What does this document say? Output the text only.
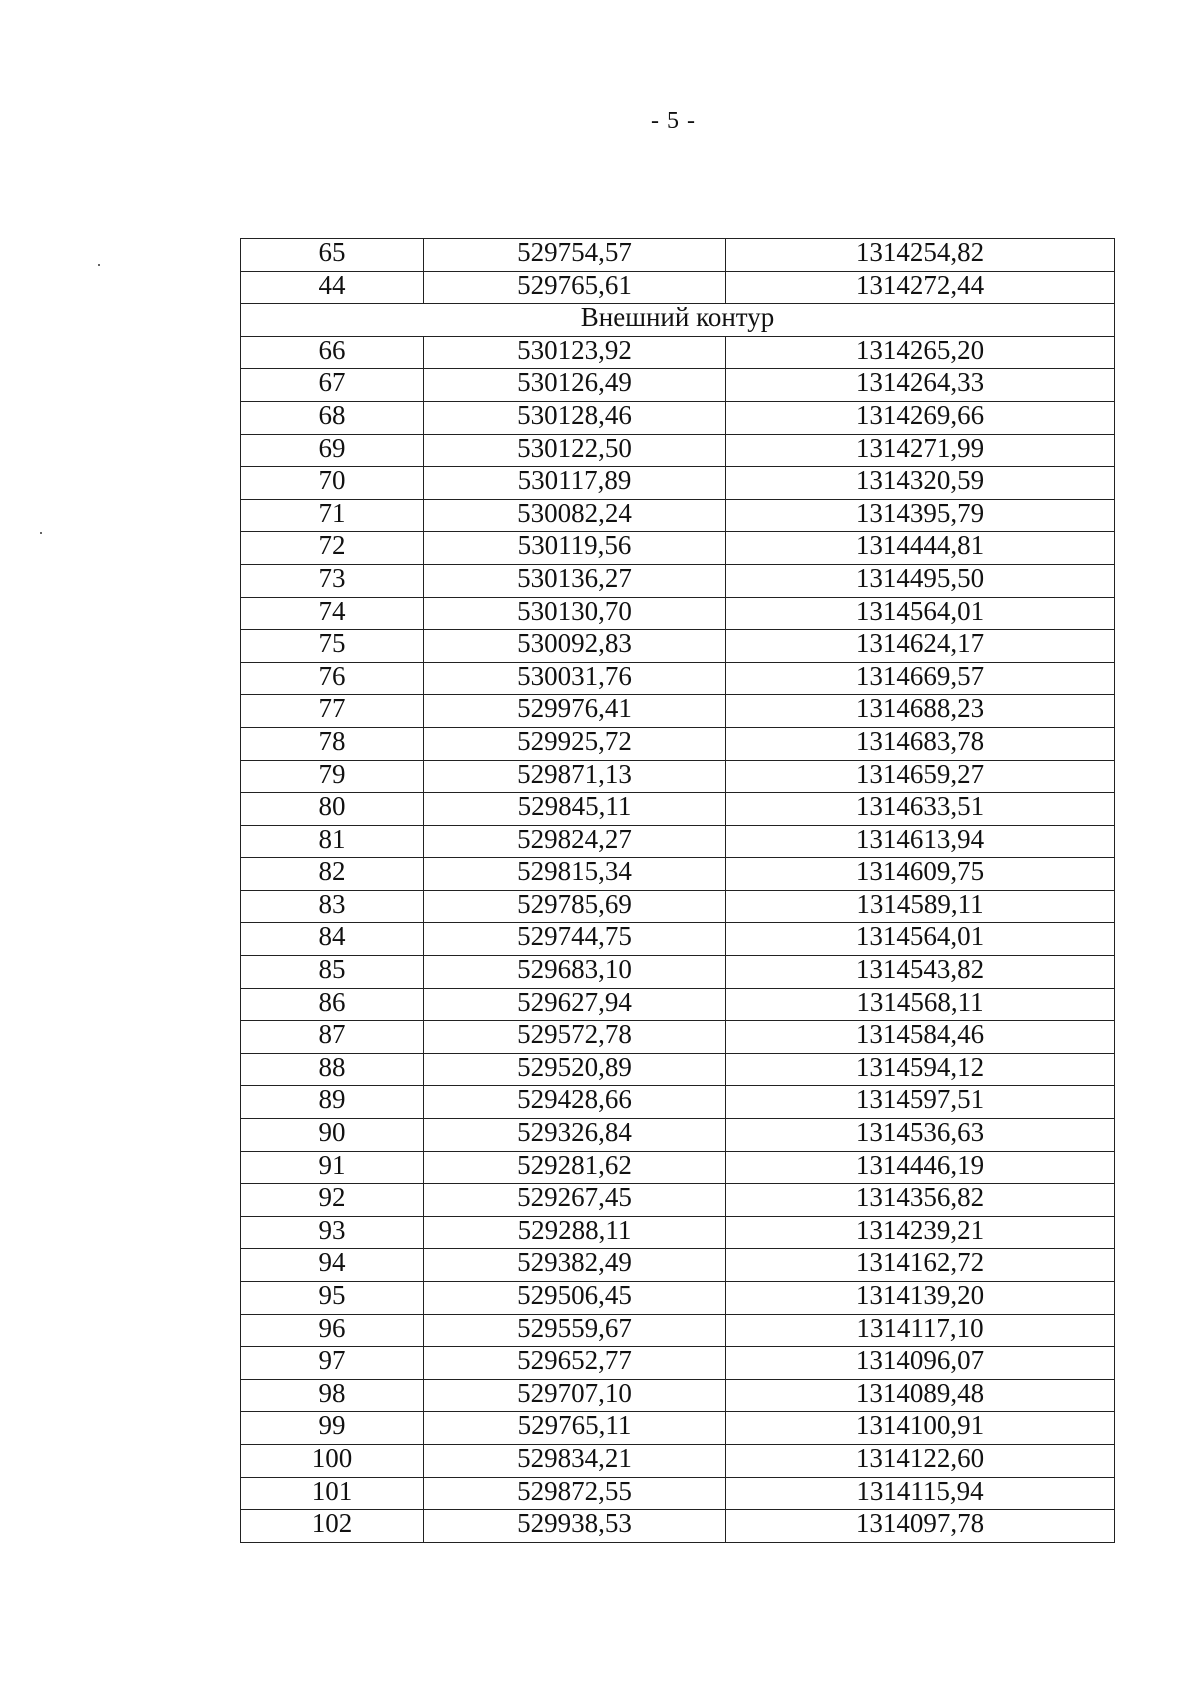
- 5 -
65	529754,57	1314254,82
44	529765,61	1314272,44
Внешний контур		
66	530123,92	1314265,20
67	530126,49	1314264,33
68	530128,46	1314269,66
69	530122,50	1314271,99
70	530117,89	1314320,59
71	530082,24	1314395,79
72	530119,56	1314444,81
73	530136,27	1314495,50
74	530130,70	1314564,01
75	530092,83	1314624,17
76	530031,76	1314669,57
77	529976,41	1314688,23
78	529925,72	1314683,78
79	529871,13	1314659,27
80	529845,11	1314633,51
81	529824,27	1314613,94
82	529815,34	1314609,75
83	529785,69	1314589,11
84	529744,75	1314564,01
85	529683,10	1314543,82
86	529627,94	1314568,11
87	529572,78	1314584,46
88	529520,89	1314594,12
89	529428,66	1314597,51
90	529326,84	1314536,63
91	529281,62	1314446,19
92	529267,45	1314356,82
93	529288,11	1314239,21
94	529382,49	1314162,72
95	529506,45	1314139,20
96	529559,67	1314117,10
97	529652,77	1314096,07
98	529707,10	1314089,48
99	529765,11	1314100,91
100	529834,21	1314122,60
101	529872,55	1314115,94
102	529938,53	1314097,78
